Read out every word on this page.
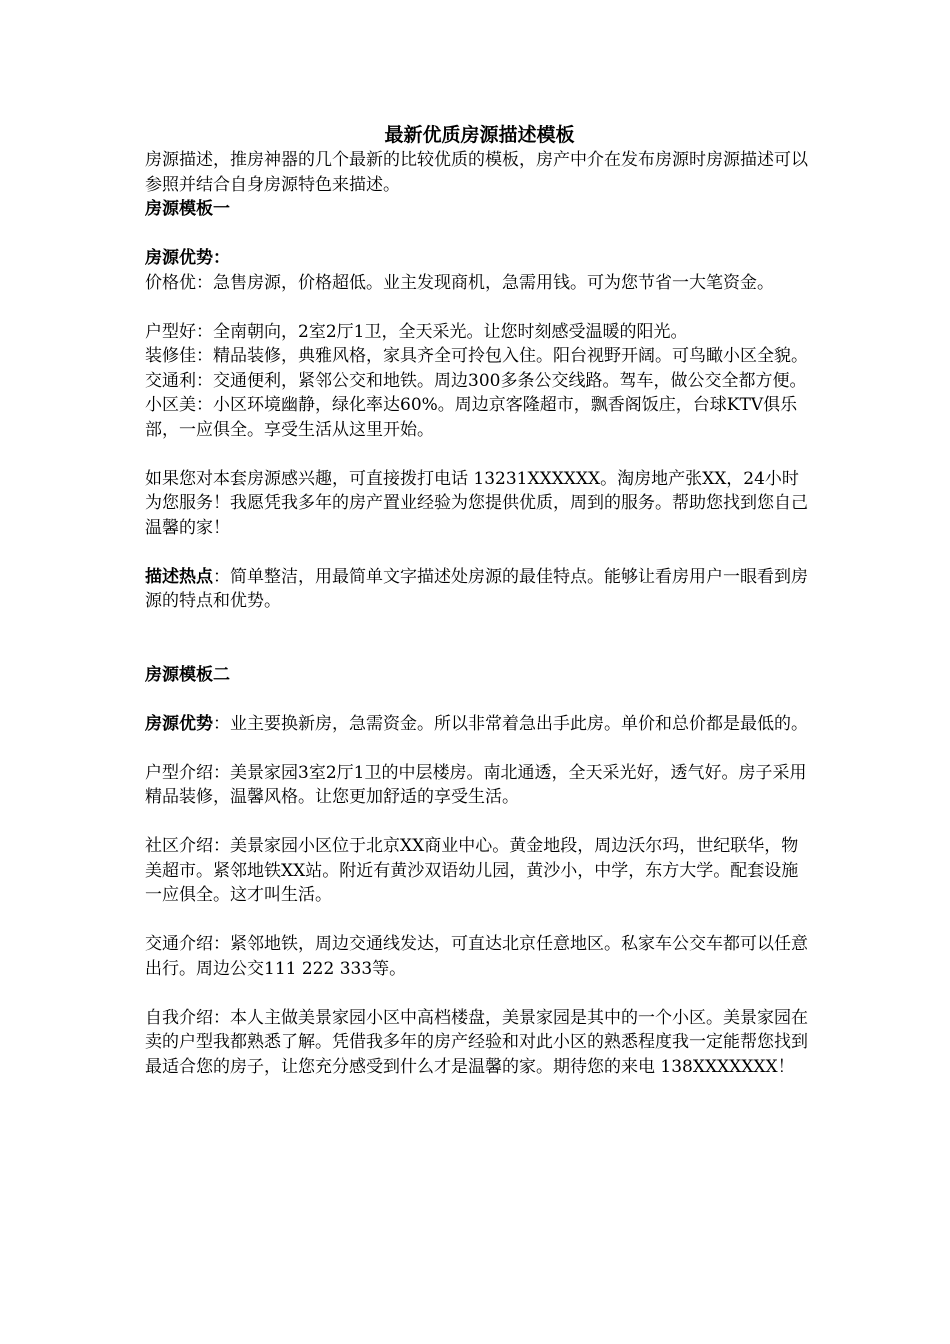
最新优质房源描述模板

房源描述，推房神器的几个最新的比较优质的模板，房产中介在发布房源时房源描述可以参照并结合自身房源特色来描述。

房源模板一

房源优势：

价格优：急售房源，价格超低。业主发现商机，急需用钱。可为您节省一大笔资金。

户型好：全南朝向，2室2厅1卫，全天采光。让您时刻感受温暖的阳光。

装修佳：精品装修，典雅风格，家具齐全可拎包入住。阳台视野开阔。可鸟瞰小区全貌。

交通利：交通便利，紧邻公交和地铁。周边300多条公交线路。驾车，做公交全都方便。

小区美：小区环境幽静，绿化率达60%。周边京客隆超市，飘香阁饭庄，台球KTV俱乐部，一应俱全。享受生活从这里开始。

如果您对本套房源感兴趣，可直接拨打电话 13231XXXXXX。淘房地产张XX，24小时为您服务！我愿凭我多年的房产置业经验为您提供优质，周到的服务。帮助您找到您自己温馨的家！

描述热点：简单整洁，用最简单文字描述处房源的最佳特点。能够让看房用户一眼看到房源的特点和优势。

房源模板二

房源优势：业主要换新房，急需资金。所以非常着急出手此房。单价和总价都是最低的。

户型介绍：美景家园3室2厅1卫的中层楼房。南北通透，全天采光好，透气好。房子采用精品装修，温馨风格。让您更加舒适的享受生活。

社区介绍：美景家园小区位于北京XX商业中心。黄金地段，周边沃尔玛，世纪联华，物美超市。紧邻地铁XX站。附近有黄沙双语幼儿园，黄沙小，中学，东方大学。配套设施一应俱全。这才叫生活。

交通介绍：紧邻地铁，周边交通线发达，可直达北京任意地区。私家车公交车都可以任意出行。周边公交111 222 333等。

自我介绍：本人主做美景家园小区中高档楼盘，美景家园是其中的一个小区。美景家园在卖的户型我都熟悉了解。凭借我多年的房产经验和对此小区的熟悉程度我一定能帮您找到最适合您的房子，让您充分感受到什么才是温馨的家。期待您的来电 138XXXXXXX！
